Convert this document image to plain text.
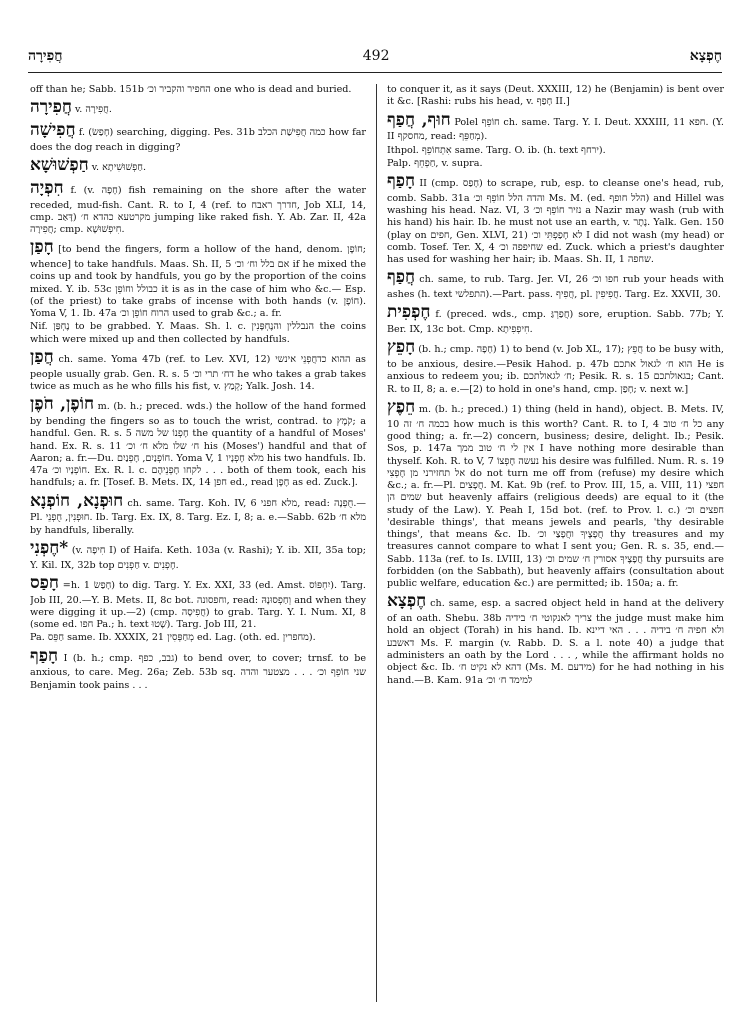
חֲפִירָה	492	חֶפְצָא

off than he; Sabb. 151b החפיר והקביר וכ׳ one who is dead and buried.

חֲפִירָה v. חֲפִירָה.

חֲפִישָׁה f. (חָפַשׂ) searching, digging. Pes. 31b כמה חֲפִישַׁת הכלב how far does the dog reach in digging?

חַפְשׁוּשָׁא v. חַפְשׁוּשִׁיתָא.

חִפְיָה f. (v. חָפָה) fish remaining on the shore after the water receded, mud-fish. Cant. R. to I, 4 (ref. to חדרך ראבח, Job XLI, 14, cmp. דָּאַב) מקרטעא כהדא ח׳ jumping like raked fish. Y. Ab. Zar. II, 42a חֲפִירָה; cmp. חִיפְשׁוּשָׁא.

חָפַן [to bend the fingers, form a hollow of the hand, denom. חוֹפֶן; whence] to take handfuls. Maas. Sh. II, 5 אם בלל וח׳ וכ׳ if he mixed the coins up and took by handfuls, you go by the proportion of the coins mixed. Y. ib. 53c כבולל וחוֹפֵן it is as in the case of him who &c.— Esp. (of the priest) to take grabs of incense with both hands (v. חוֹפֶן). Yoma V, 1. Ib. 47a הרוח חוֹפֵן וכ׳ used to grab &c.; a. fr.

Nif. נֶחְפַּן to be grabbed. Y. Maas. Sh. l. c. הנבללין והנֶחְפָּנִין the coins which were mixed up and then collected by handfuls.

חֲפַן ch. same. Yoma 47b (ref. to Lev. XVI, 12) ההוא כדחֲפְנֵי אינשי as people usually grab. Gen. R. s. 5 דח׳ תרי וכ׳ he who takes a grab takes twice as much as he who fills his fist, v. קְמַץ; Yalk. Josh. 14.

חוֹפֶן, חֹפֶן m. (b. h.; preced. wds.) the hollow of the hand formed by bending the fingers so as to touch the wrist, contrad. to קֹמֶץ; a handful. Gen. R. s. 5 חָפְנוֹ של משה the quantity of a handful of Moses' hand. Ex. R. s. 11 ח׳ שלו מלא ח׳ וכ׳ his (Moses') handful and that of Aaron; a. fr.—Du. חוֹפְנַיִם, חָפְנַיִם. Yoma V, 1 מלא חָפְנָיו his two handfuls. Ib. 47a חוֹפְנָיו וכ׳. Ex. R. l. c. לקחו חָפְנֵיהֶם . . . both of them took, each his handfuls; a. fr. [Tosef. B. Mets. IX, 14 חפן ed., read חֶפֶן as ed. Zuck.].

חוּפְנָא, חוֹפְנָא ch. same. Targ. Koh. IV, 6 מלא חפני, read: חֻפְנָה.—Pl. חוּפְנִין, חֻפְנֵי. Ib. Targ. Ex. IX, 8. Targ. Ez. I, 8; a. e.—Sabb. 62b מלא ח׳ by handfuls, liberally.

*חֶפְנִי (v. חִיפָה I) of Haifa. Keth. 103a (v. Rashi); Y. ib. XII, 35a top; Y. Kil. IX, 32b top חַפְנִים v. חֶפְנִים.

חָפַס =h. חָפַשׂ 1) to dig. Targ. Y. Ex. XXI, 33 (ed. Amst. יִחְפּוֹס). Targ. Job III, 20.—Y. B. Mets. II, 8c bot. וחפסונה, read: וְחַפְסוּנָהּ and when they were digging it up.—2) (cmp. חֲפִיסָה) to grab. Targ. Y. I. Num. XI, 8 (some ed. חפו Pa.; h. text שָׁטוּ). Targ. Job III, 21.

Pa. חַפֵּס same. Ib. XXXIX, 21 מְחַפְּסִין ed. Lag. (oth. ed. מחפרין).

חָפַף I (b. h.; cmp. גבב, כפף) to bend over, to cover; trnsf. to be anxious, to care. Meg. 26a; Zeb. 53b sq. שני חוֹפֵף וכ׳ . . . מצטער והדה Benjamin took pains . . .

to conquer it, as it says (Deut. XXXIII, 12) he (Benjamin) is bent over it &c. [Rashi: rubs his head, v. חָפַף II.]

חוּף, חֲפַף Polel חוֹפֵף ch. same. Targ. Y. I. Deut. XXXIII, 11 חפא. (Y. II מחסקף, read: מְחַפֵּף).

Ithpol. אִתְחוֹפֵף same. Targ. O. ib. (h. text ירחף).

Palp. חַפְחֵף, v. supra.

חָפַף II (cmp. חָפַס) to scrape, rub, esp. to cleanse one's head, rub, comb. Sabb. 31a והדה הלל חוֹפֵף וכ׳ Ms. M. (ed. הלל חופף) and Hillel was washing his head. Naz. VI, 3 נזיר חוֹפֵף וכ׳ a Nazir may wash (rub with his hand) his hair. Ib. he must not use an earth, v. נֶתֶר. Yalk. Gen. 150 (play on חפים, Gen. XLVI, 21) לא חָפַפְתִּי וכ׳ I did not wash (my head) or comb. Tosef. Ter. X, 4 שחיפפה וכ׳ ed. Zuck. which a priest's daughter has used for washing her hair; ib. Maas. Sh. II, 1 שחפה.

חֲפַף ch. same, to rub. Targ. Jer. VI, 26 חפו וכ׳ rub your heads with ashes (h. text התפלשי).—Part. pass. חֲפִיף, pl. חֲפִיפִין. Targ. Ez. XXVII, 30.

חֶפְפִית f. (preced. wds., cmp. חֲפַרְגַּ) sore, eruption. Sabb. 77b; Y. Ber. IX, 13c bot. Cmp. חִיפְפִיתָא.

חָפֵץ (b. h.; cmp. חָפָה) 1) to bend (v. Job XL, 17); חֲפֵץ to be busy with, to be anxious, desire.—Pesik Hahod. p. 47b הוא ח׳ לגאול אתכם He is anxious to redeem you; ib. ח׳ לגאולתכם; Pesik. R. s. 15 בגאולתכם; Cant. R. to II, 8; a. e.—[2) to hold in one's hand, cmp. חָפַן; v. next w.]

חֵפֶץ m. (b. h.; preced.) 1) thing (held in hand), object. B. Mets. IV, 10 בכמה ח׳ זה how much is this worth? Cant. R. to I, 4 כל ח׳ טוב any good thing; a. fr.—2) concern, business; desire, delight. Ib.; Pesik. Sos, p. 147a אין לי ח׳ טוב ממך I have nothing more desirable than thyself. Koh. R. to V, 7 נעשה חֶפְצוֹ his desire was fulfilled. Num. R. s. 19 אל תחזירני מן חֶפְצִי do not turn me off from (refuse) my desire which &c.; a. fr.—Pl. חֲפָצִים. M. Kat. 9b (ref. to Prov. III, 15, a. VIII, 11) חפצי שמים הן but heavenly affairs (religious deeds) are equal to it (the study of the Law). Y. Peah I, 15d bot. (ref. to Prov. l. c.) חפצים וכ׳ 'desirable things', that means jewels and pearls, 'thy desirable things', that means &c. Ib. חֲפָצֶיךָ וחֲפָצַי וכ׳ thy treasures and my treasures cannot compare to what I sent you; Gen. R. s. 35, end.—Sabb. 113a (ref. to Is. LVIII, 13) חֲפָצֶיךָ אסורין ח׳ שמים וכ׳ thy pursuits are forbidden (on the Sabbath), but heavenly affairs (consultation about public welfare, education &c.) are permitted; ib. 150a; a. fr.

חֶפְצָא ch. same, esp. a sacred object held in hand at the delivery of an oath. Shebu. 38b צריך לאנקוטי ח׳ בידיה the judge must make him hold an object (Torah) in his hand. Ib. ולא חפיה ח׳ בידיה . . . האי דיינא דאשבע Ms. F. margin (v. Rabb. D. S. a l. note 40) a judge that administers an oath by the Lord . . . , while the affirmant holds no object &c. Ib. דהא לא נקיט ח׳ (Ms. M. מידעם) for he had nothing in his hand.—B. Kam. 91a למימד ח׳ וכ׳
